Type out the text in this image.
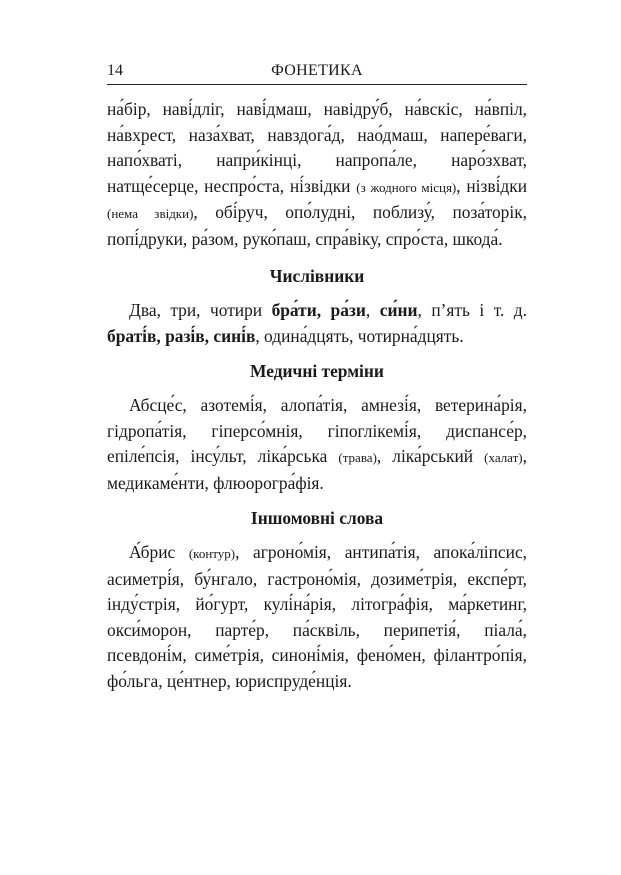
14	ФОНЕТИКА

на́бір, наві́дліг, наві́дмаш, навідру́б, на́вскіс, на́впіл, на́вхрест, наза́хват, навздога́д, нао́дмаш, напере́ваги, напо́хваті, напри́кінці, напропа́ле, наро́зхват, натще́серце, неспро́ста, ні́звідки (з жодного місця), нізві́дки (нема звідки), обі́руч, опо́лудні, поблизу́, поза́торік, попі́друки, ра́зом, руко́паш, спра́віку, спро́ста, шкода́.

Числівники

Два, три, чотири бра́ти, ра́зи, си́ни, п’ять і т. д. браті́в, разі́в, сині́в, одина́дцять, чотирна́дцять.

Медичні терміни

Абсце́с, азотемі́я, алопа́тія, амнезі́я, ветерина́рія, гідропа́тія, гіперсо́мнія, гіпоглікемі́я, диспансе́р, епіле́псія, інсу́льт, ліка́рська (трава), ліка́рський (халат), медикаме́нти, флюорогра́фія.

Іншомовні слова

А́брис (контур), агроно́мія, антипа́тія, апока́ліпсис, асиметрі́я, бу́нгало, гастроно́мія, дозиме́трія, експе́рт, інду́стрія, йо́гурт, кулі́на́рія, літогра́фія, ма́ркетинг, окси́морон, парте́р, па́сквіль, перипетія́, піала́, псевдоні́м, симе́трія, синоні́мія, фено́мен, філантро́пія, фо́льга, це́нтнер, юриспруде́нція.
